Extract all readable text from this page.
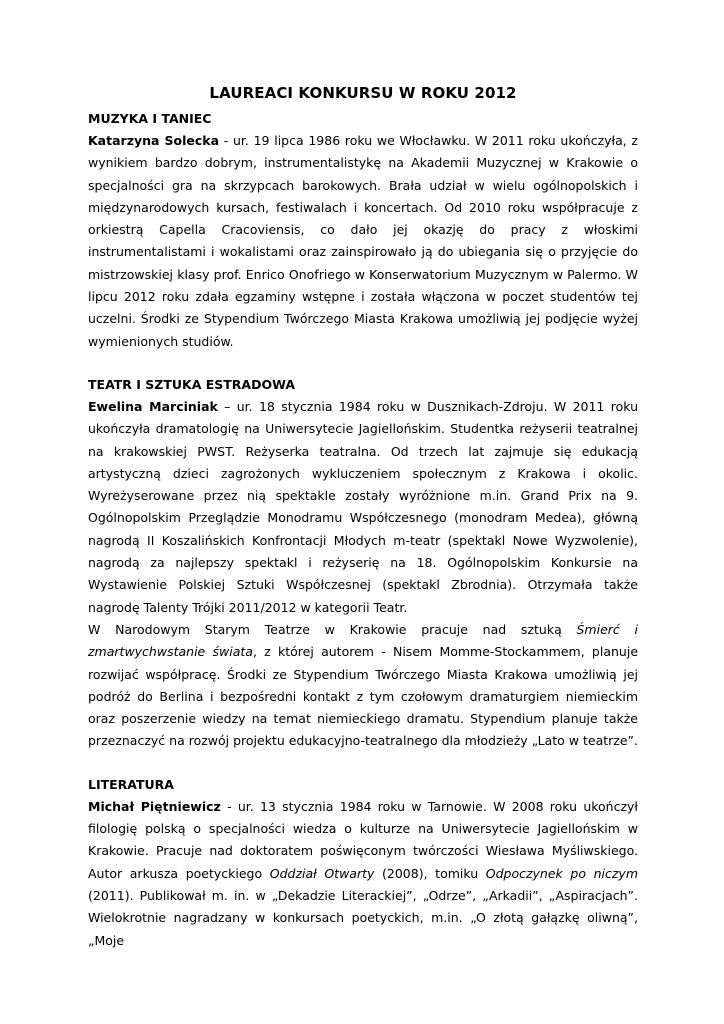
LAUREACI KONKURSU W ROKU 2012
MUZYKA I TANIEC

Katarzyna Solecka - ur. 19 lipca 1986 roku we Włocławku. W 2011 roku ukończyła, z wynikiem bardzo dobrym, instrumentalistykę na Akademii Muzycznej w Krakowie o specjalności gra na skrzypcach barokowych. Brała udział w wielu ogólnopolskich i międzynarodowych kursach, festiwalach i koncertach. Od 2010 roku współpracuje z orkiestrą Capella Cracoviensis, co dało jej okazję do pracy z włoskimi instrumentalistami i wokalistami oraz zainspirowało ją do ubiegania się o przyjęcie do mistrzowskiej klasy prof. Enrico Onofriego w Konserwatorium Muzycznym w Palermo. W lipcu 2012 roku zdała egzaminy wstępne i została włączona w poczet studentów tej uczelni. Środki ze Stypendium Twórczego Miasta Krakowa umożliwią jej podjęcie wyżej wymienionych studiów.

TEATR I SZTUKA ESTRADOWA

Ewelina Marciniak – ur. 18 stycznia 1984 roku w Dusznikach-Zdroju. W 2011 roku ukończyła dramatologię na Uniwersytecie Jagiellońskim. Studentka reżyserii teatralnej na krakowskiej PWST. Reżyserka teatralna. Od trzech lat zajmuje się edukacją artystyczną dzieci zagrożonych wykluczeniem społecznym z Krakowa i okolic. Wyreżyserowane przez nią spektakle zostały wyróżnione m.in. Grand Prix na 9. Ogólnopolskim Przeglądzie Monodramu Współczesnego (monodram Medea), główną nagrodą II Koszalińskich Konfrontacji Młodych m-teatr (spektakl Nowe Wyzwolenie), nagrodą za najlepszy spektakl i reżyserię na 18. Ogólnopolskim Konkursie na Wystawienie Polskiej Sztuki Współczesnej (spektakl Zbrodnia). Otrzymała także nagrodę Talenty Trójki 2011/2012 w kategorii Teatr.

W Narodowym Starym Teatrze w Krakowie pracuje nad sztuką Śmierć i zmartwychwstanie świata, z której autorem - Nisem Momme-Stockammem, planuje rozwijać współpracę. Środki ze Stypendium Twórczego Miasta Krakowa umożliwią jej podróż do Berlina i bezpośredni kontakt z tym czołowym dramaturgiem niemieckim oraz poszerzenie wiedzy na temat niemieckiego dramatu. Stypendium planuje także przeznaczyć na rozwój projektu edukacyjno-teatralnego dla młodzieży „Lato w teatrze”.

LITERATURA

Michał Piętniewicz - ur. 13 stycznia 1984 roku w Tarnowie. W 2008 roku ukończył filologię polską o specjalności wiedza o kulturze na Uniwersytecie Jagiellońskim w Krakowie. Pracuje nad doktoratem poświęconym twórczości Wiesława Myśliwskiego. Autor arkusza poetyckiego Oddział Otwarty (2008), tomiku Odpoczynek po niczym (2011). Publikował m. in. w „Dekadzie Literackiej”, „Odrze”, „Arkadii”, „Aspiracjach”. Wielokrotnie nagradzany w konkursach poetyckich, m.in. „O złotą gałązkę oliwną”, „Moje
